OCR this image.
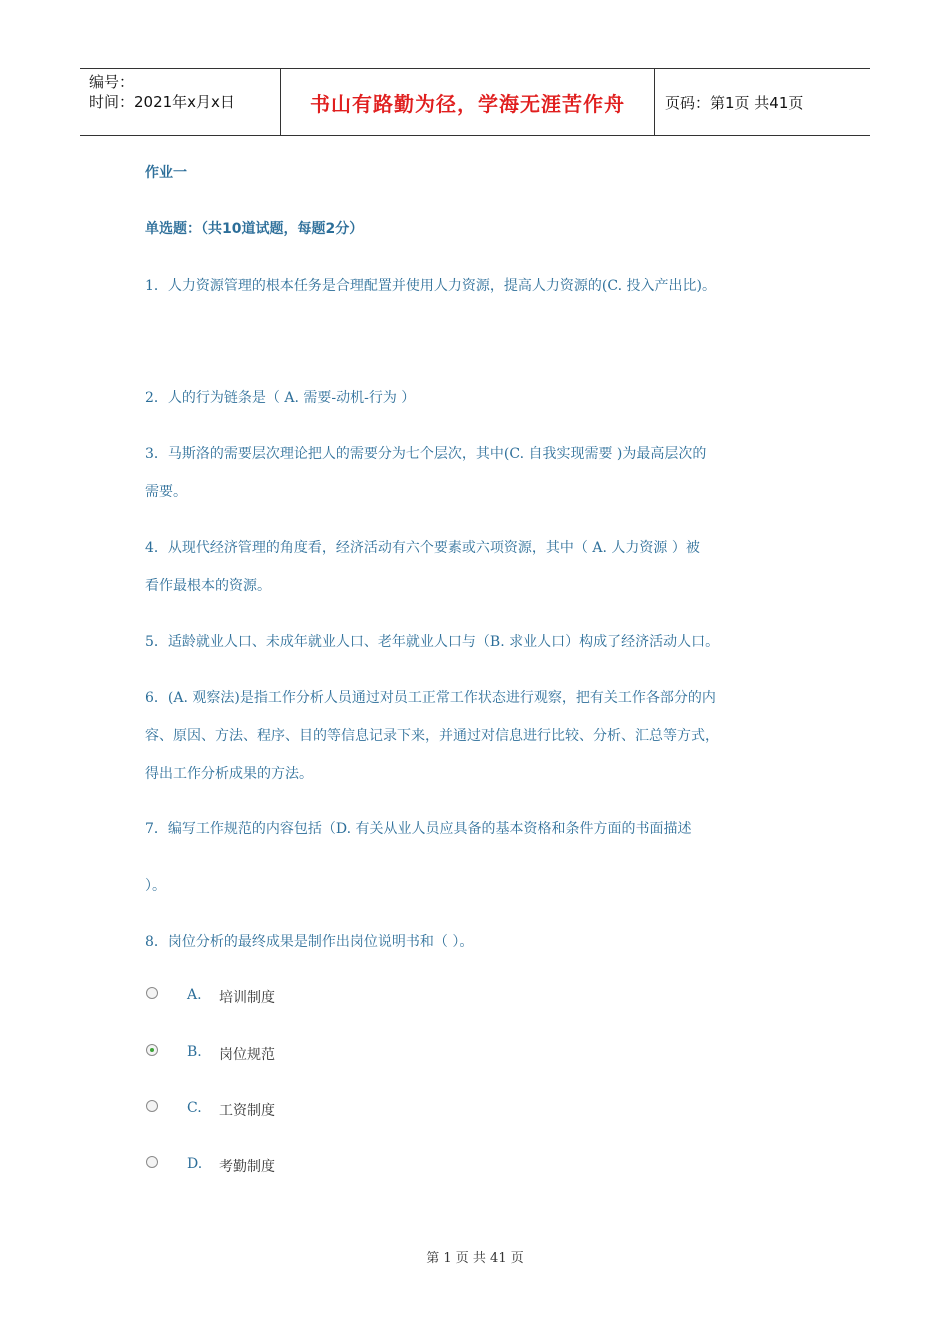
编号：
时间：2021年x月x日	书山有路勤为径，学海无涯苦作舟	页码：第1页 共41页
作业一
单选题：（共10道试题，每题2分）
1．人力资源管理的根本任务是合理配置并使用人力资源，提高人力资源的(C. 投入产出比)。
2．人的行为链条是（ A. 需要-动机-行为 ）
3．马斯洛的需要层次理论把人的需要分为七个层次，其中(C. 自我实现需要 )为最高层次的
需要。
4．从现代经济管理的角度看，经济活动有六个要素或六项资源，其中（ A. 人力资源 ）被
看作最根本的资源。
5．适龄就业人口、未成年就业人口、老年就业人口与（B. 求业人口）构成了经济活动人口。
6．(A. 观察法)是指工作分析人员通过对员工正常工作状态进行观察，把有关工作各部分的内
容、原因、方法、程序、目的等信息记录下来，并通过对信息进行比较、分析、汇总等方式，
得出工作分析成果的方法。
7．编写工作规范的内容包括（D. 有关从业人员应具备的基本资格和条件方面的书面描述
）。
8．岗位分析的最终成果是制作出岗位说明书和（ ）。
A. 培训制度
B. 岗位规范
C. 工资制度
D. 考勤制度
第 1 页 共 41 页
